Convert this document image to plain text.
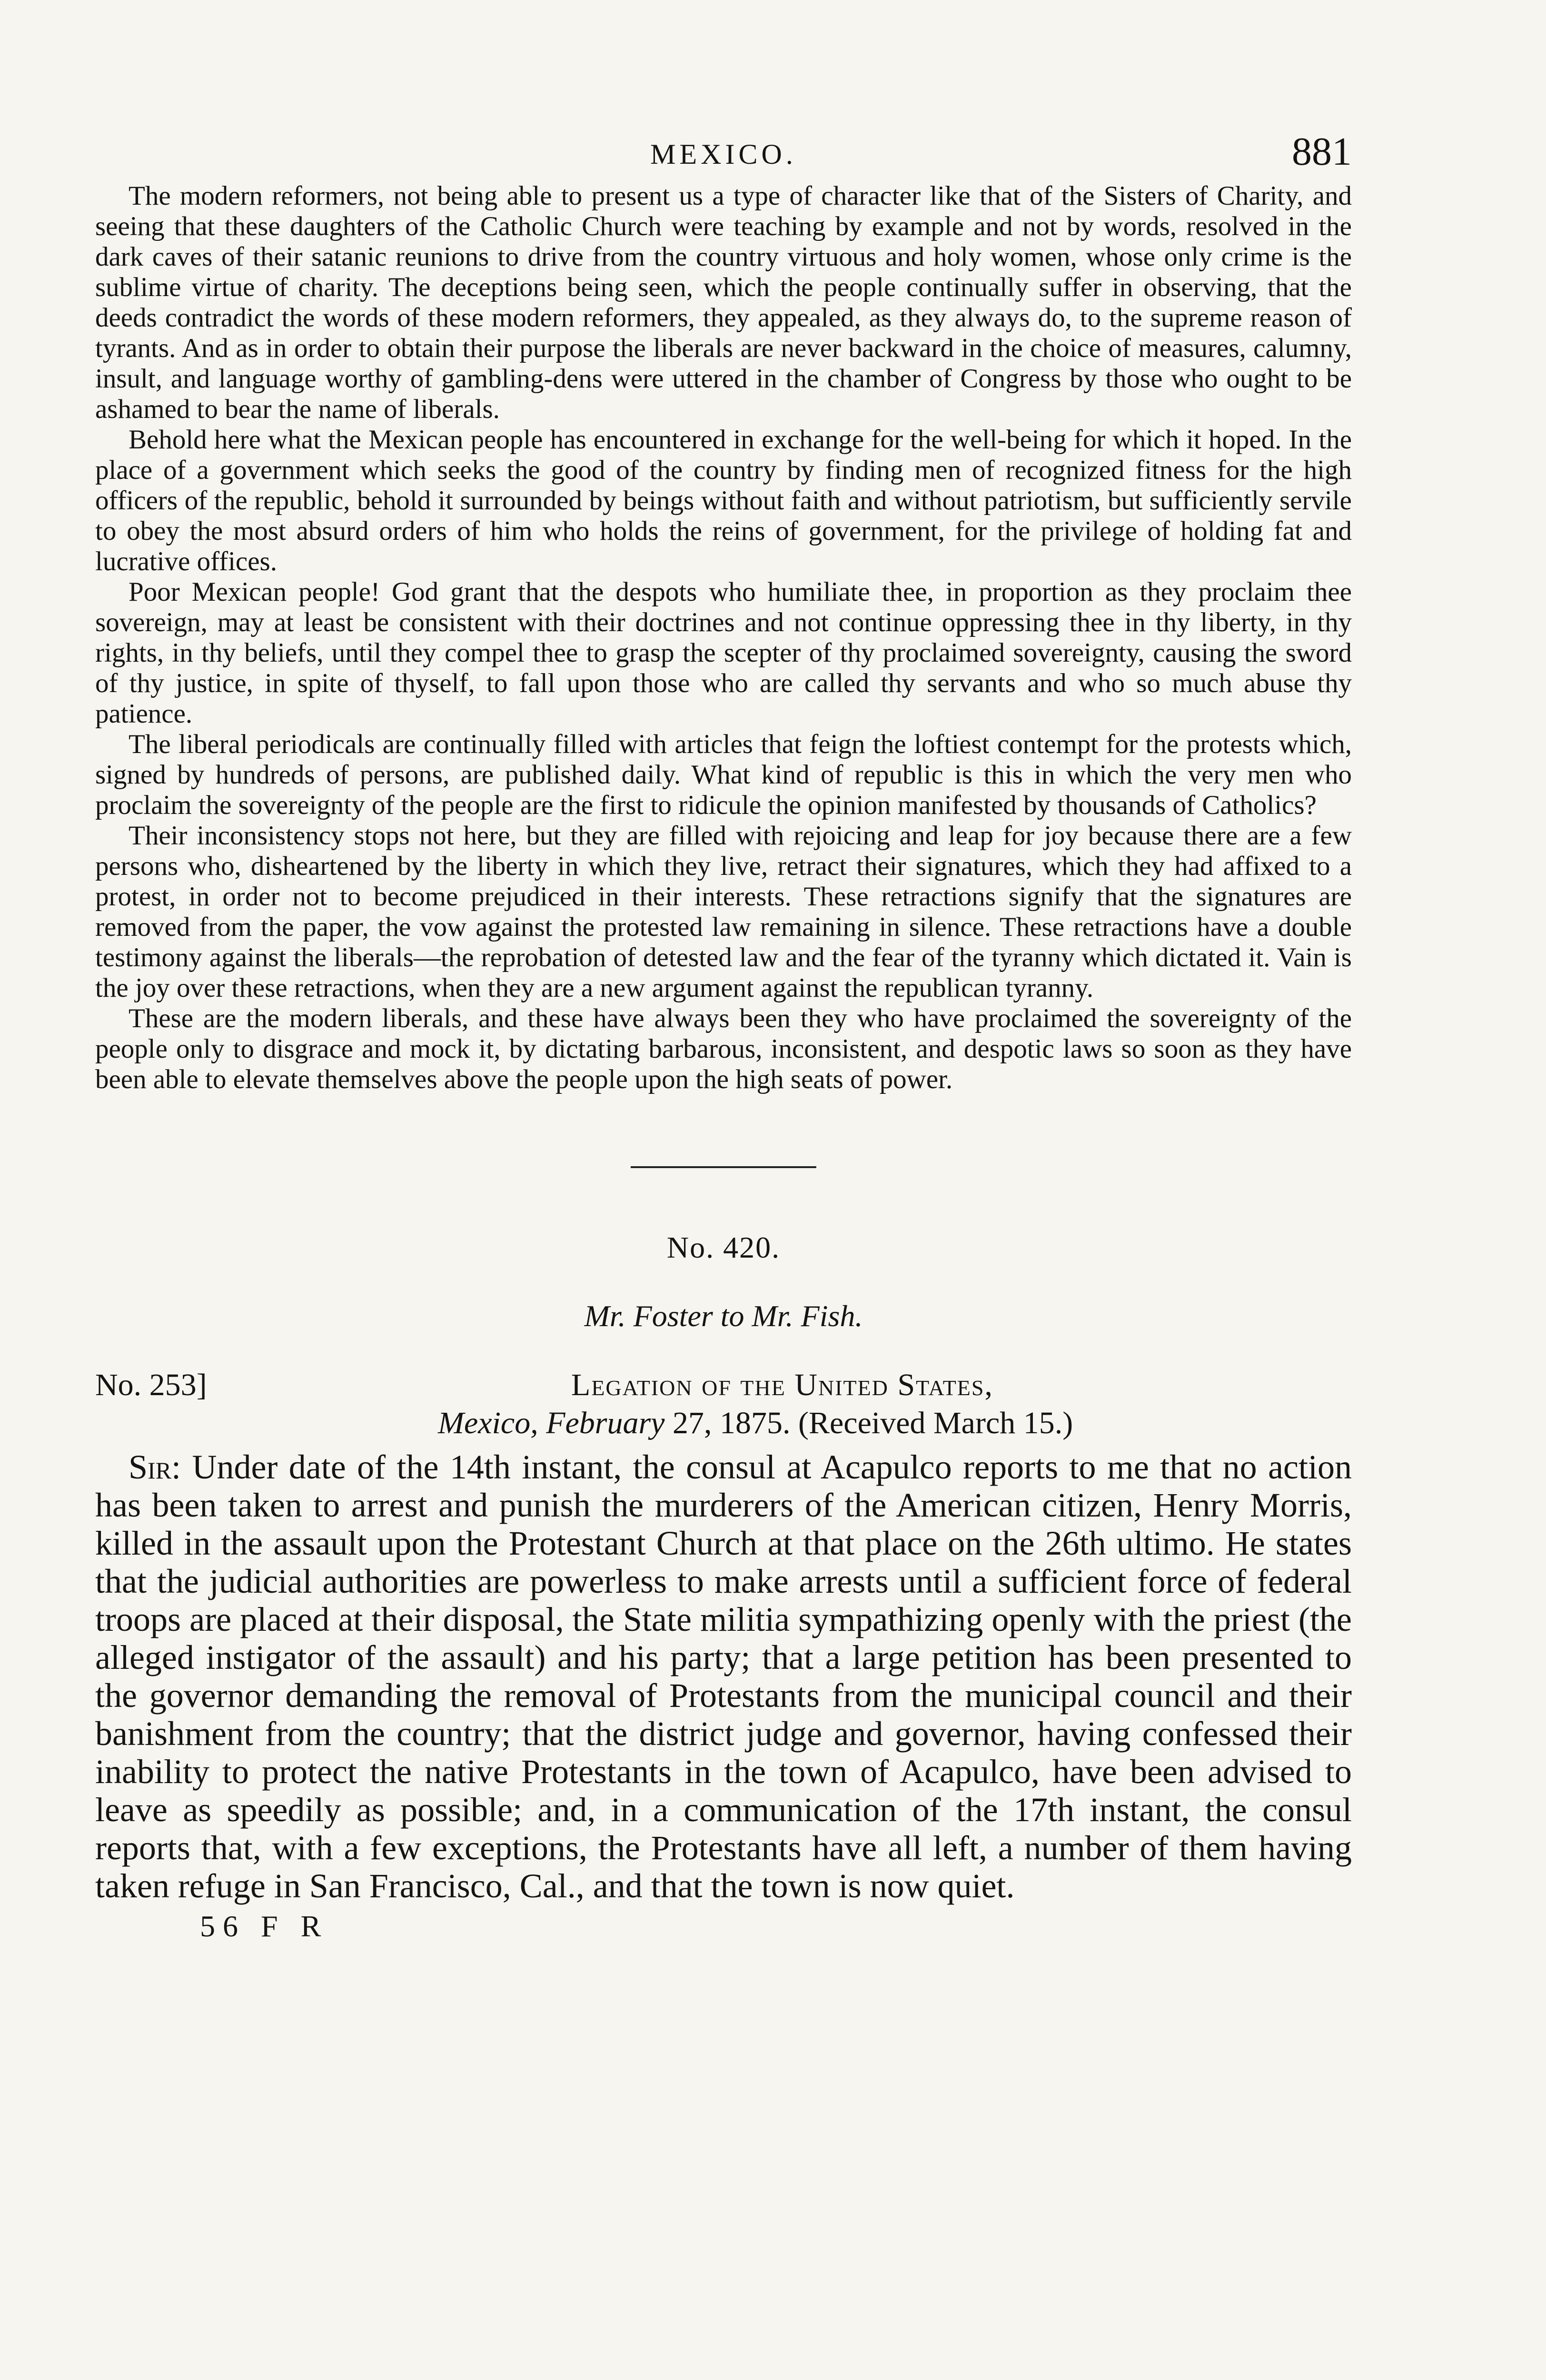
MEXICO.	881

The modern reformers, not being able to present us a type of character like that of the Sisters of Charity, and seeing that these daughters of the Catholic Church were teaching by example and not by words, resolved in the dark caves of their satanic reunions to drive from the country virtuous and holy women, whose only crime is the sublime virtue of charity. The deceptions being seen, which the people continually suffer in observing, that the deeds contradict the words of these modern reformers, they appealed, as they always do, to the supreme reason of tyrants. And as in order to obtain their purpose the liberals are never backward in the choice of measures, calumny, insult, and language worthy of gambling-dens were uttered in the chamber of Congress by those who ought to be ashamed to bear the name of liberals.

Behold here what the Mexican people has encountered in exchange for the well-being for which it hoped. In the place of a government which seeks the good of the country by finding men of recognized fitness for the high officers of the republic, behold it surrounded by beings without faith and without patriotism, but sufficiently servile to obey the most absurd orders of him who holds the reins of government, for the privilege of holding fat and lucrative offices.

Poor Mexican people! God grant that the despots who humiliate thee, in proportion as they proclaim thee sovereign, may at least be consistent with their doctrines and not continue oppressing thee in thy liberty, in thy rights, in thy beliefs, until they compel thee to grasp the scepter of thy proclaimed sovereignty, causing the sword of thy justice, in spite of thyself, to fall upon those who are called thy servants and who so much abuse thy patience.

The liberal periodicals are continually filled with articles that feign the loftiest contempt for the protests which, signed by hundreds of persons, are published daily. What kind of republic is this in which the very men who proclaim the sovereignty of the people are the first to ridicule the opinion manifested by thousands of Catholics?

Their inconsistency stops not here, but they are filled with rejoicing and leap for joy because there are a few persons who, disheartened by the liberty in which they live, retract their signatures, which they had affixed to a protest, in order not to become prejudiced in their interests. These retractions signify that the signatures are removed from the paper, the vow against the protested law remaining in silence. These retractions have a double testimony against the liberals—the reprobation of detested law and the fear of the tyranny which dictated it. Vain is the joy over these retractions, when they are a new argument against the republican tyranny.

These are the modern liberals, and these have always been they who have proclaimed the sovereignty of the people only to disgrace and mock it, by dictating barbarous, inconsistent, and despotic laws so soon as they have been able to elevate themselves above the people upon the high seats of power.

No. 420.
Mr. Foster to Mr. Fish.
No. 253]	Legation of the United States,
Mexico, February 27, 1875. (Received March 15.)

Sir: Under date of the 14th instant, the consul at Acapulco reports to me that no action has been taken to arrest and punish the murderers of the American citizen, Henry Morris, killed in the assault upon the Protestant Church at that place on the 26th ultimo. He states that the judicial authorities are powerless to make arrests until a sufficient force of federal troops are placed at their disposal, the State militia sympathizing openly with the priest (the alleged instigator of the assault) and his party; that a large petition has been presented to the governor demanding the removal of Protestants from the municipal council and their banishment from the country; that the district judge and governor, having confessed their inability to protect the native Protestants in the town of Acapulco, have been advised to leave as speedily as possible; and, in a communication of the 17th instant, the consul reports that, with a few exceptions, the Protestants have all left, a number of them having taken refuge in San Francisco, Cal., and that the town is now quiet.

56 F R
